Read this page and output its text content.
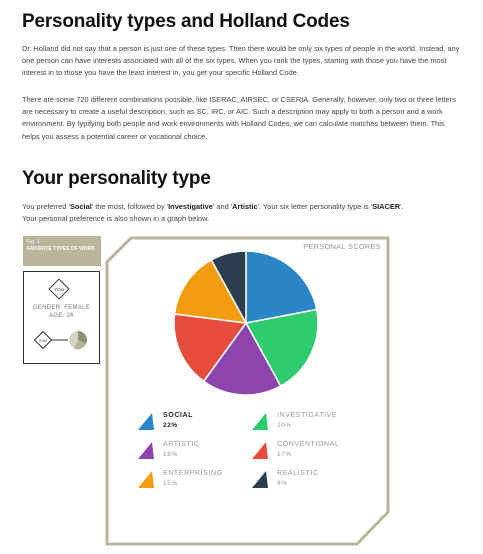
Personality types and Holland Codes

Dr. Holland did not say that a person is just one of these types. Then there would be only six types of people in the world. Instead, any one person can have interests associated with all of the six types. When you rank the types, starting with those you have the most interest in to those you have the least interest in, you get your specific Holland Code.

There are some 720 different combinations possible, like ISERAC, AIRSEC, or CSERIA. Generally, however, only two or three letters are necessary to create a useful description, such as SC, IRC, or AIC. Such a description may apply to both a person and a work environment. By typifying both people and work environments with Holland Codes, we can calculate matches between them. This helps you assess a potential career or vocational choice.

Your personality type

You preferred 'Social' the most, followed by 'Investigative' and 'Artistic'. Your six letter personality type is 'SIACER'.
Your personal preference is also shown in a graph below.

Fig. 1.
FAVORITE TYPES OF WORK
YOU
YOU
GENDER: FEMALE
AGE: 26
PERSONAL SCORES
SOCIAL
22%
INVESTIGATIVE
20%
ARTISTIC
18%
CONVENTIONAL
17%
ENTERPRISING
15%
REALISTIC
8%
